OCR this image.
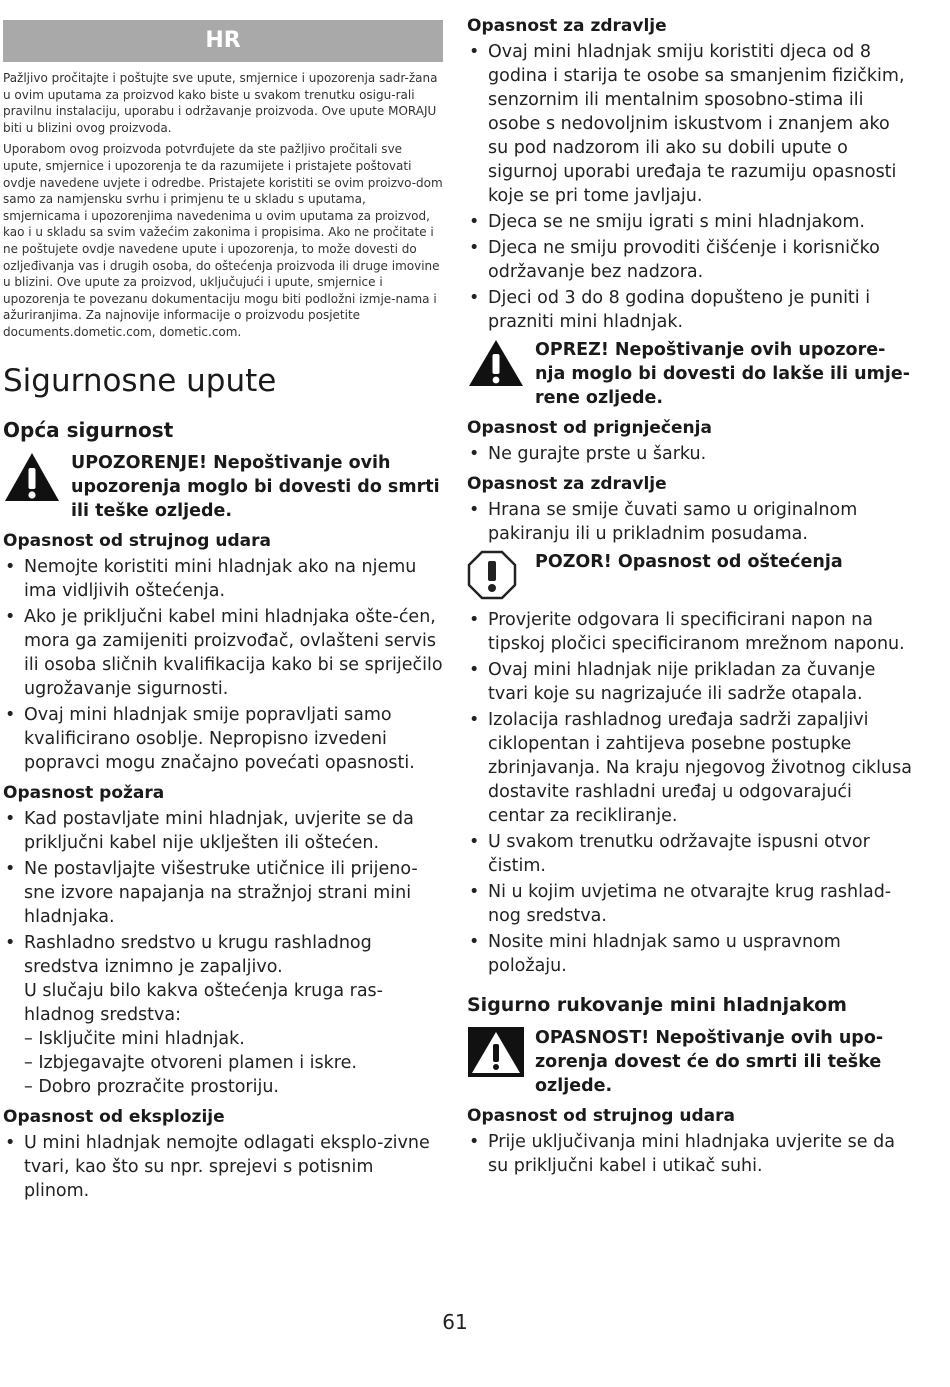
HR

Pažljivo pročitajte i poštujte sve upute, smjernice i upozorenja sadr-žana u ovim uputama za proizvod kako biste u svakom trenutku osigu-rali pravilnu instalaciju, uporabu i održavanje proizvoda. Ove upute MORAJU biti u blizini ovog proizvoda.

Uporabom ovog proizvoda potvrđujete da ste pažljivo pročitali sve upute, smjernice i upozorenja te da razumijete i pristajete poštovati ovdje navedene uvjete i odredbe. Pristajete koristiti se ovim proizvo-dom samo za namjensku svrhu i primjenu te u skladu s uputama, smjernicama i upozorenjima navedenima u ovim uputama za proizvod, kao i u skladu sa svim važećim zakonima i propisima. Ako ne pročitate i ne poštujete ovdje navedene upute i upozorenja, to može dovesti do ozljeđivanja vas i drugih osoba, do oštećenja proizvoda ili druge imovine u blizini. Ove upute za proizvod, uključujući i upute, smjernice i upozorenja te povezanu dokumentaciju mogu biti podložni izmje-nama i ažuriranjima. Za najnovije informacije o proizvodu posjetite documents.dometic.com, dometic.com.

Sigurnosne upute
Opća sigurnost
UPOZORENJE! Nepoštivanje ovih upozorenja moglo bi dovesti do smrti ili teške ozljede.
Opasnost od strujnog udara
• Nemojte koristiti mini hladnjak ako na njemu ima vidljivih oštećenja.
• Ako je priključni kabel mini hladnjaka ošte-ćen, mora ga zamijeniti proizvođač, ovlašteni servis ili osoba sličnih kvalifikacija kako bi se spriječilo ugrožavanje sigurnosti.
• Ovaj mini hladnjak smije popravljati samo kvalificirano osoblje. Nepropisno izvedeni popravci mogu značajno povećati opasnosti.
Opasnost požara
• Kad postavljate mini hladnjak, uvjerite se da priključni kabel nije uklješten ili oštećen.
• Ne postavljajte višestruke utičnice ili prijeno-sne izvore napajanja na stražnjoj strani mini hladnjaka.
• Rashladno sredstvo u krugu rashladnog sredstva iznimno je zapaljivo.
U slučaju bilo kakva oštećenja kruga ras-hladnog sredstva:
– Isključite mini hladnjak.
– Izbjegavajte otvoreni plamen i iskre.
– Dobro prozračite prostoriju.
Opasnost od eksplozije
• U mini hladnjak nemojte odlagati eksplo-zivne tvari, kao što su npr. sprejevi s potisnim plinom.
Opasnost za zdravlje
• Ovaj mini hladnjak smiju koristiti djeca od 8 godina i starija te osobe sa smanjenim fizičkim, senzornim ili mentalnim sposobno-stima ili osobe s nedovoljnim iskustvom i znanjem ako su pod nadzorom ili ako su dobili upute o sigurnoj uporabi uređaja te razumiju opasnosti koje se pri tome javljaju.
• Djeca se ne smiju igrati s mini hladnjakom.
• Djeca ne smiju provoditi čišćenje i korisničko održavanje bez nadzora.
• Djeci od 3 do 8 godina dopušteno je puniti i prazniti mini hladnjak.
OPREZ! Nepoštivanje ovih upozore-nja moglo bi dovesti do lakše ili umje-rene ozljede.
Opasnost od prignječenja
• Ne gurajte prste u šarku.
Opasnost za zdravlje
• Hrana se smije čuvati samo u originalnom pakiranju ili u prikladnim posudama.
POZOR! Opasnost od oštećenja
• Provjerite odgovara li specificirani napon na tipskoj pločici specificiranom mrežnom naponu.
• Ovaj mini hladnjak nije prikladan za čuvanje tvari koje su nagrizajuće ili sadrže otapala.
• Izolacija rashladnog uređaja sadrži zapaljivi ciklopentan i zahtijeva posebne postupke zbrinjavanja. Na kraju njegovog životnog ciklusa dostavite rashladni uređaj u odgovarajući centar za recikliranje.
• U svakom trenutku održavajte ispusni otvor čistim.
• Ni u kojim uvjetima ne otvarajte krug rashlad-nog sredstva.
• Nosite mini hladnjak samo u uspravnom položaju.
Sigurno rukovanje mini hladnjakom
OPASNOST! Nepoštivanje ovih upo-zorenja dovest će do smrti ili teške ozljede.
Opasnost od strujnog udara
• Prije uključivanja mini hladnjaka uvjerite se da su priključni kabel i utikač suhi.
61
